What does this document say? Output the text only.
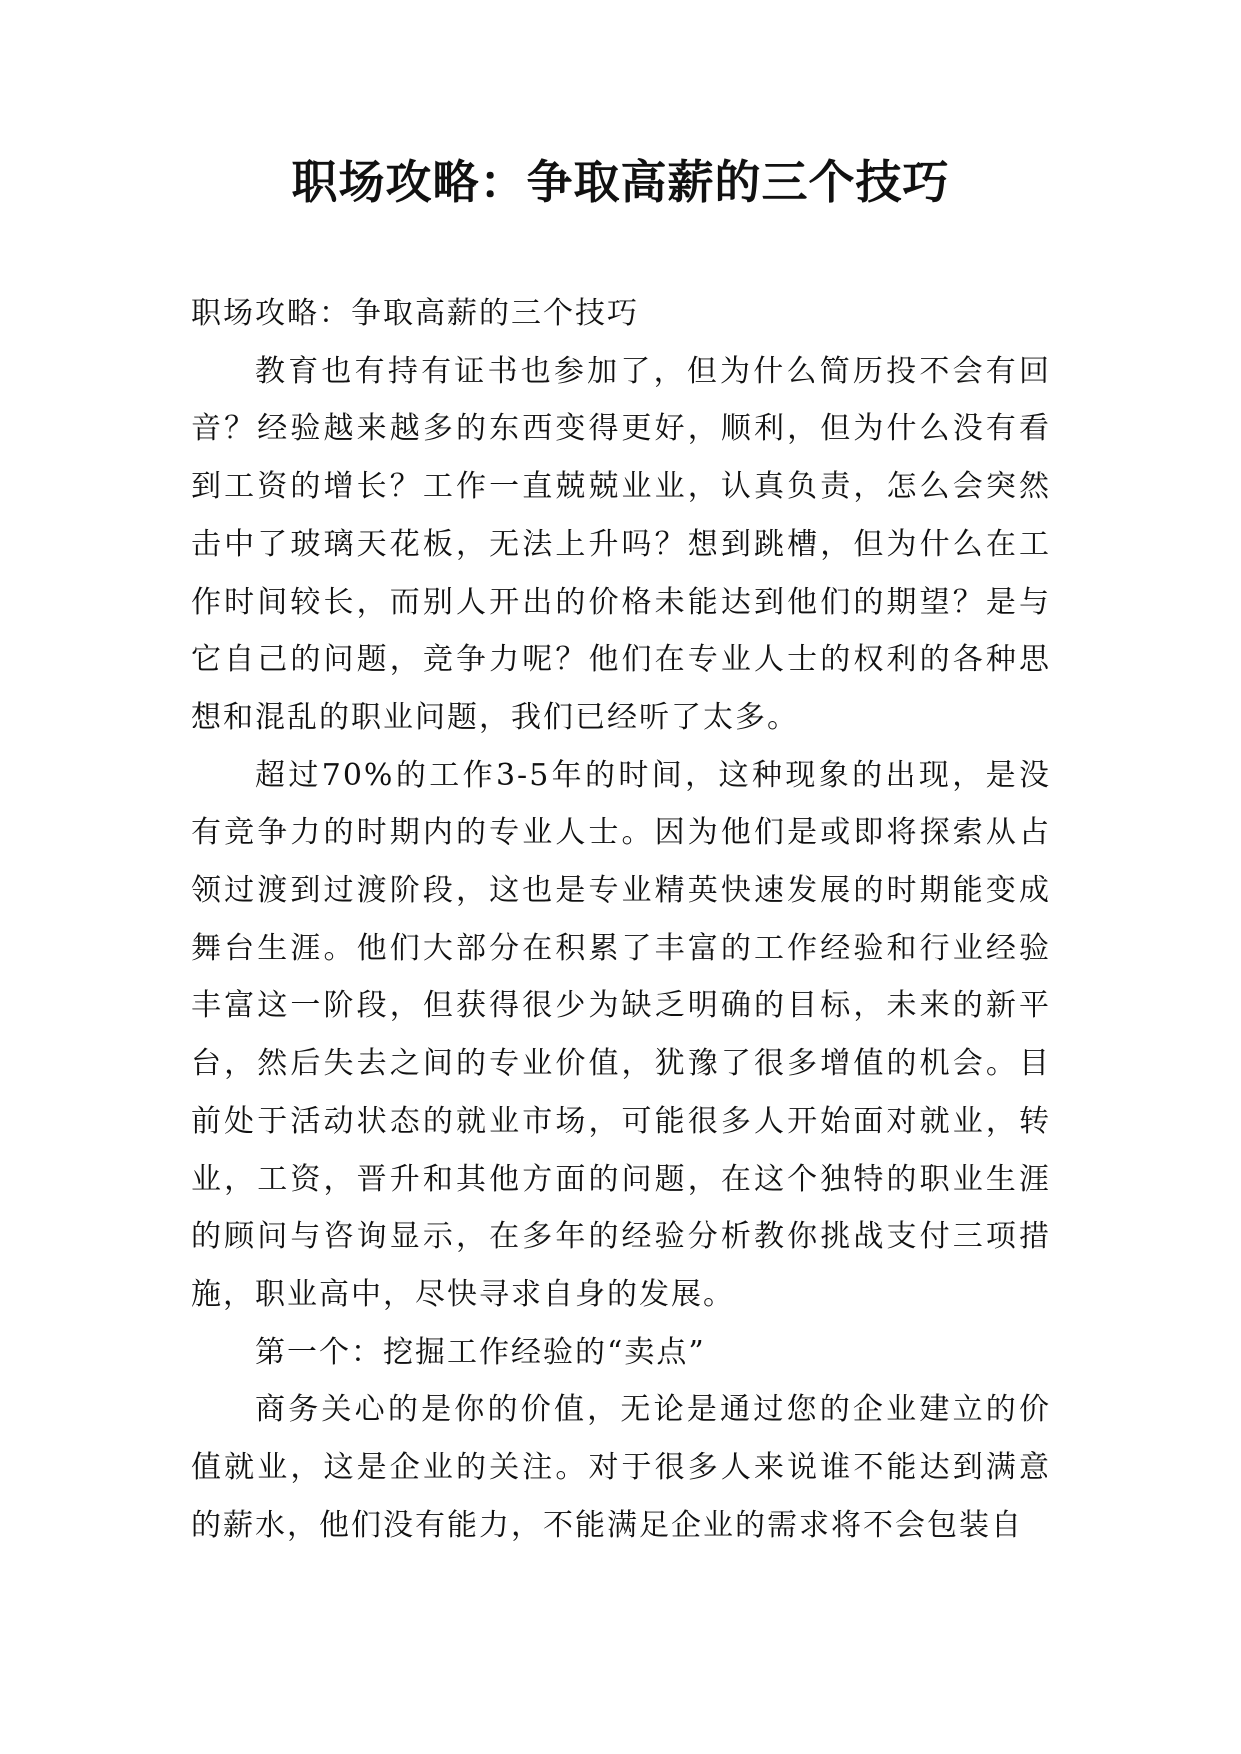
职场攻略：争取高薪的三个技巧

职场攻略：争取高薪的三个技巧

教育也有持有证书也参加了，但为什么简历投不会有回音？经验越来越多的东西变得更好，顺利，但为什么没有看到工资的增长？工作一直兢兢业业，认真负责，怎么会突然击中了玻璃天花板，无法上升吗？想到跳槽，但为什么在工作时间较长，而别人开出的价格未能达到他们的期望？是与它自己的问题，竞争力呢？他们在专业人士的权利的各种思想和混乱的职业问题，我们已经听了太多。

超过70%的工作3-5年的时间，这种现象的出现，是没有竞争力的时期内的专业人士。因为他们是或即将探索从占领过渡到过渡阶段，这也是专业精英快速发展的时期能变成舞台生涯。他们大部分在积累了丰富的工作经验和行业经验丰富这一阶段，但获得很少为缺乏明确的目标，未来的新平台，然后失去之间的专业价值，犹豫了很多增值的机会。目前处于活动状态的就业市场，可能很多人开始面对就业，转业，工资，晋升和其他方面的问题，在这个独特的职业生涯的顾问与咨询显示，在多年的经验分析教你挑战支付三项措施，职业高中，尽快寻求自身的发展。

第一个：挖掘工作经验的“卖点”

商务关心的是你的价值，无论是通过您的企业建立的价值就业，这是企业的关注。对于很多人来说谁不能达到满意的薪水，他们没有能力，不能满足企业的需求将不会包装自
